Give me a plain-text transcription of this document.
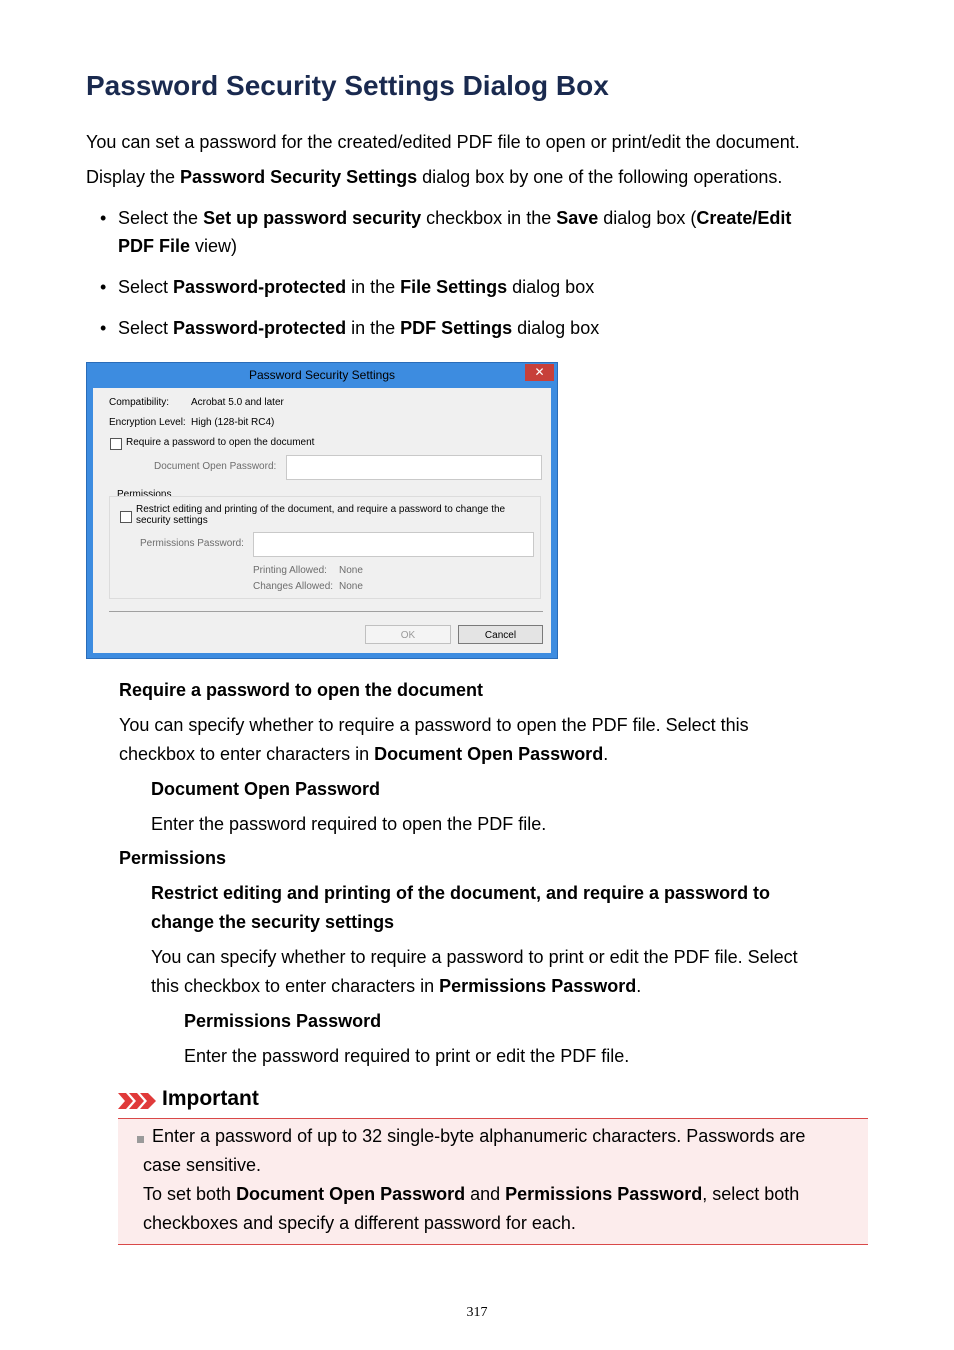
Password Security Settings Dialog Box
You can set a password for the created/edited PDF file to open or print/edit the document.
Display the Password Security Settings dialog box by one of the following operations.
• Select the Set up password security checkbox in the Save dialog box (Create/Edit
PDF File view)
• Select Password-protected in the File Settings dialog box
• Select Password-protected in the PDF Settings dialog box
Password Security Settings	✕
Compatibility: Acrobat 5.0 and later
Encryption Level: High (128-bit RC4)
Require a password to open the document
Document Open Password:
Permissions
Restrict editing and printing of the document, and require a password to change the
security settings
Permissions Password:
Printing Allowed: None
Changes Allowed: None
OK	Cancel
Require a password to open the document
You can specify whether to require a password to open the PDF file. Select this
checkbox to enter characters in Document Open Password.
Document Open Password
Enter the password required to open the PDF file.
Permissions
Restrict editing and printing of the document, and require a password to
change the security settings
You can specify whether to require a password to print or edit the PDF file. Select
this checkbox to enter characters in Permissions Password.
Permissions Password
Enter the password required to print or edit the PDF file.
Important
Enter a password of up to 32 single-byte alphanumeric characters. Passwords are
case sensitive.
To set both Document Open Password and Permissions Password, select both
checkboxes and specify a different password for each.
317
